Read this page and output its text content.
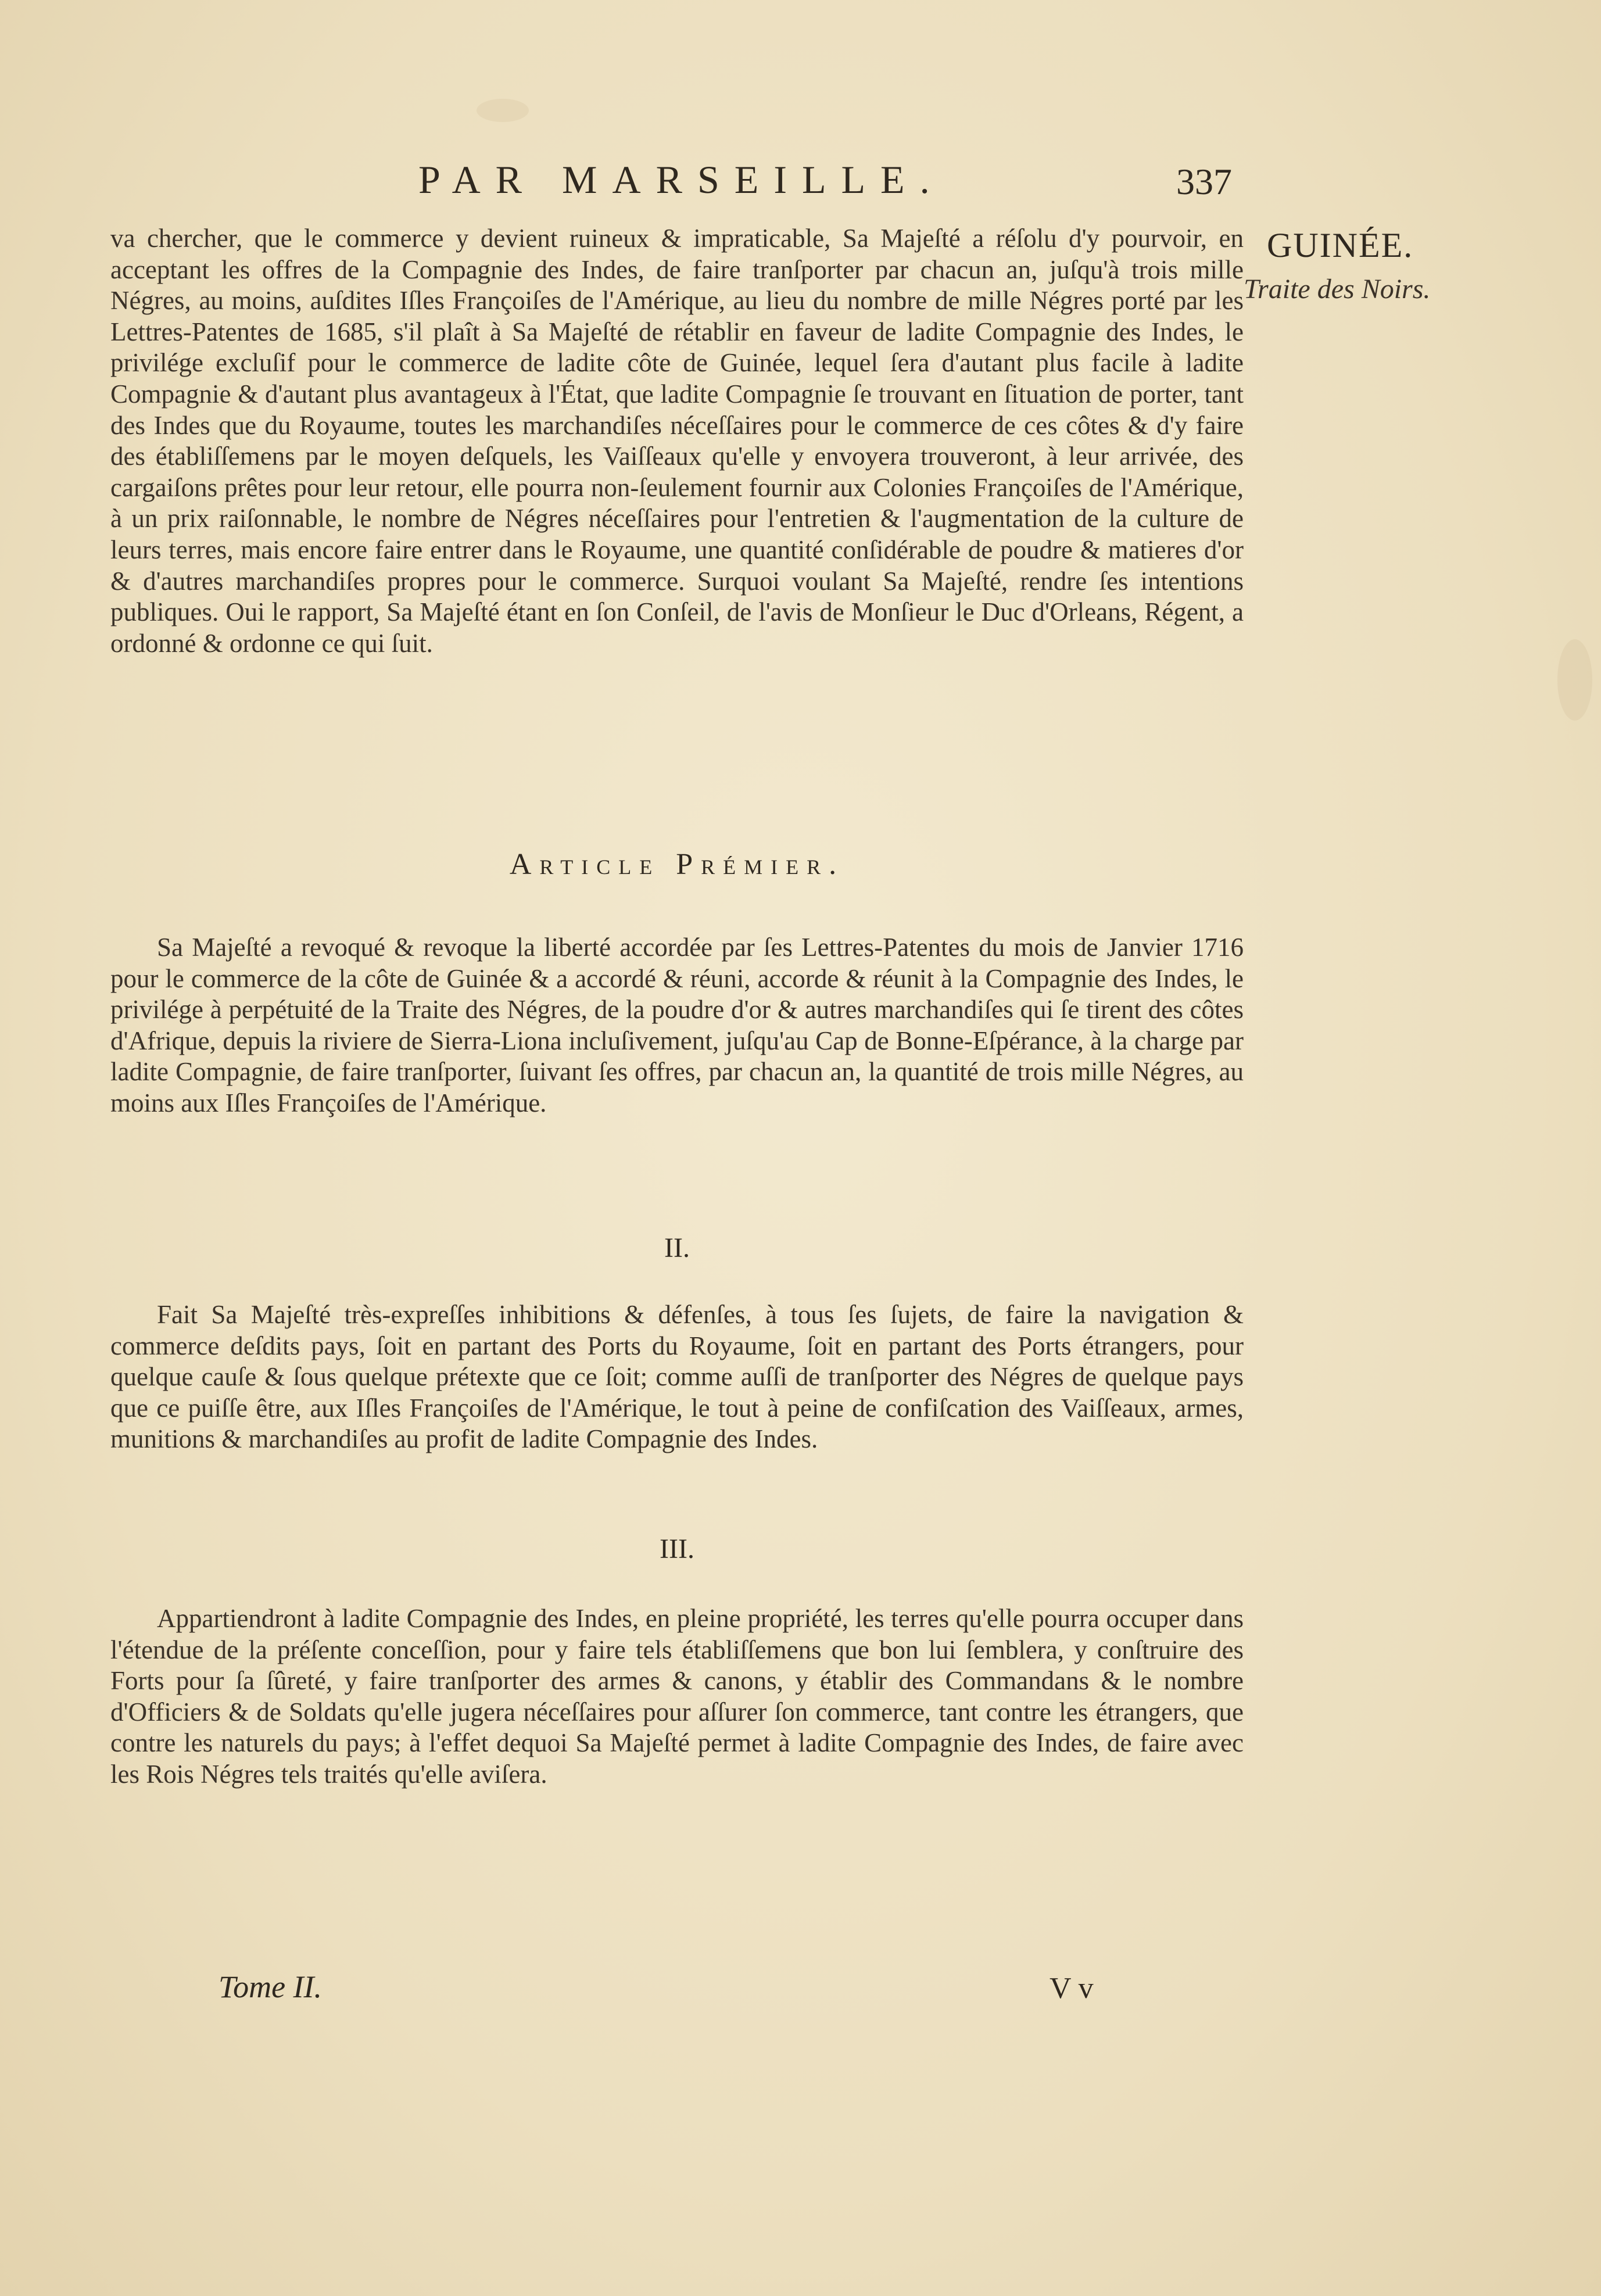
PAR MARSEILLE.	337
GUINÉE.
Traite des Noirs.

va chercher, que le commerce y devient ruineux & impraticable, Sa Majeſté a réſolu d'y pourvoir, en acceptant les offres de la Compagnie des Indes, de faire tranſporter par chacun an, juſqu'à trois mille Négres, au moins, auſdites Iſles Françoiſes de l'Amérique, au lieu du nombre de mille Négres porté par les Lettres-Patentes de 1685, s'il plaît à Sa Majeſté de rétablir en faveur de ladite Compagnie des Indes, le privilége excluſif pour le commerce de ladite côte de Guinée, lequel ſera d'autant plus facile à ladite Compagnie & d'autant plus avantageux à l'État, que ladite Compagnie ſe trouvant en ſituation de porter, tant des Indes que du Royaume, toutes les marchandiſes néceſſaires pour le commerce de ces côtes & d'y faire des établiſſemens par le moyen deſquels, les Vaiſſeaux qu'elle y envoyera trouveront, à leur arrivée, des cargaiſons prêtes pour leur retour, elle pourra non-ſeulement fournir aux Colonies Françoiſes de l'Amérique, à un prix raiſonnable, le nombre de Négres néceſſaires pour l'entretien & l'augmentation de la culture de leurs terres, mais encore faire entrer dans le Royaume, une quantité conſidérable de poudre & matieres d'or & d'autres marchandiſes propres pour le commerce. Surquoi voulant Sa Majeſté, rendre ſes intentions publiques. Oui le rapport, Sa Majeſté étant en ſon Conſeil, de l'avis de Monſieur le Duc d'Orleans, Régent, a ordonné & ordonne ce qui ſuit.

Article Prémier.

Sa Majeſté a revoqué & revoque la liberté accordée par ſes Lettres-Patentes du mois de Janvier 1716 pour le commerce de la côte de Guinée & a accordé & réuni, accorde & réunit à la Compagnie des Indes, le privilége à perpétuité de la Traite des Négres, de la poudre d'or & autres marchandiſes qui ſe tirent des côtes d'Afrique, depuis la riviere de Sierra-Liona incluſivement, juſqu'au Cap de Bonne-Eſpérance, à la charge par ladite Compagnie, de faire tranſporter, ſuivant ſes offres, par chacun an, la quantité de trois mille Négres, au moins aux Iſles Françoiſes de l'Amérique.

II.

Fait Sa Majeſté très-expreſſes inhibitions & défenſes, à tous ſes ſujets, de faire la navigation & commerce deſdits pays, ſoit en partant des Ports du Royaume, ſoit en partant des Ports étrangers, pour quelque cauſe & ſous quelque prétexte que ce ſoit; comme auſſi de tranſporter des Négres de quelque pays que ce puiſſe être, aux Iſles Françoiſes de l'Amérique, le tout à peine de confiſcation des Vaiſſeaux, armes, munitions & marchandiſes au profit de ladite Compagnie des Indes.

III.

Appartiendront à ladite Compagnie des Indes, en pleine propriété, les terres qu'elle pourra occuper dans l'étendue de la préſente conceſſion, pour y faire tels établiſſemens que bon lui ſemblera, y conſtruire des Forts pour ſa ſûreté, y faire tranſporter des armes & canons, y établir des Commandans & le nombre d'Officiers & de Soldats qu'elle jugera néceſſaires pour aſſurer ſon commerce, tant contre les étrangers, que contre les naturels du pays; à l'effet dequoi Sa Majeſté permet à ladite Compagnie des Indes, de faire avec les Rois Négres tels traités qu'elle aviſera.

Tome II.	V v
